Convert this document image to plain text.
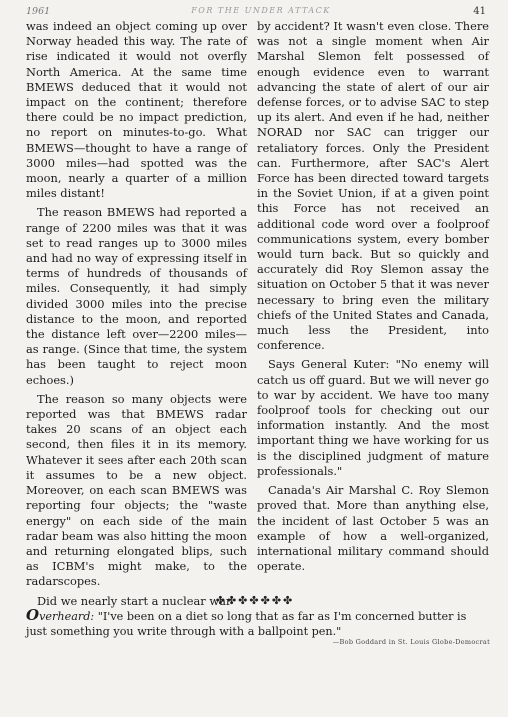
1961	FOR THE UNDER ATTACK	41

was indeed an object coming up over Norway headed this way. The rate of rise indicated it would not overfly North America. At the same time BMEWS deduced that it would not impact on the continent; therefore there could be no impact prediction, no report on minutes-to-go. What BMEWS—thought to have a range of 3000 miles—had spotted was the moon, nearly a quarter of a million miles distant!

The reason BMEWS had reported a range of 2200 miles was that it was set to read ranges up to 3000 miles and had no way of expressing itself in terms of hundreds of thousands of miles. Consequently, it had simply divided 3000 miles into the precise distance to the moon, and reported the distance left over—2200 miles—as range. (Since that time, the system has been taught to reject moon echoes.)

The reason so many objects were reported was that BMEWS radar takes 20 scans of an object each second, then files it in its memory. Whatever it sees after each 20th scan it assumes to be a new object. Moreover, on each scan BMEWS was reporting four objects; the "waste energy" on each side of the main radar beam was also hitting the moon and returning elongated blips, such as ICBM's might make, to the radarscopes.

Did we nearly start a nuclear war

by accident? It wasn't even close. There was not a single moment when Air Marshal Slemon felt possessed of enough evidence even to warrant advancing the state of alert of our air defense forces, or to advise SAC to step up its alert. And even if he had, neither NORAD nor SAC can trigger our retaliatory forces. Only the President can. Furthermore, after SAC's Alert Force has been directed toward targets in the Soviet Union, if at a given point this Force has not received an additional code word over a foolproof communications system, every bomber would turn back. But so quickly and accurately did Roy Slemon assay the situation on October 5 that it was never necessary to bring even the military chiefs of the United States and Canada, much less the President, into conference.

Says General Kuter: "No enemy will catch us off guard. But we will never go to war by accident. We have too many foolproof tools for checking out our information instantly. And the most important thing we have working for us is the disciplined judgment of mature professionals."

Canada's Air Marshal C. Roy Slemon proved that. More than anything else, the incident of last October 5 was an example of how a well-organized, international military command should operate.

✤✤✤✤✤✤✤
Overheard: "I've been on a diet so long that as far as I'm concerned butter is just something you write through with a ballpoint pen."
—Bob Goddard in St. Louis Globe-Democrat
